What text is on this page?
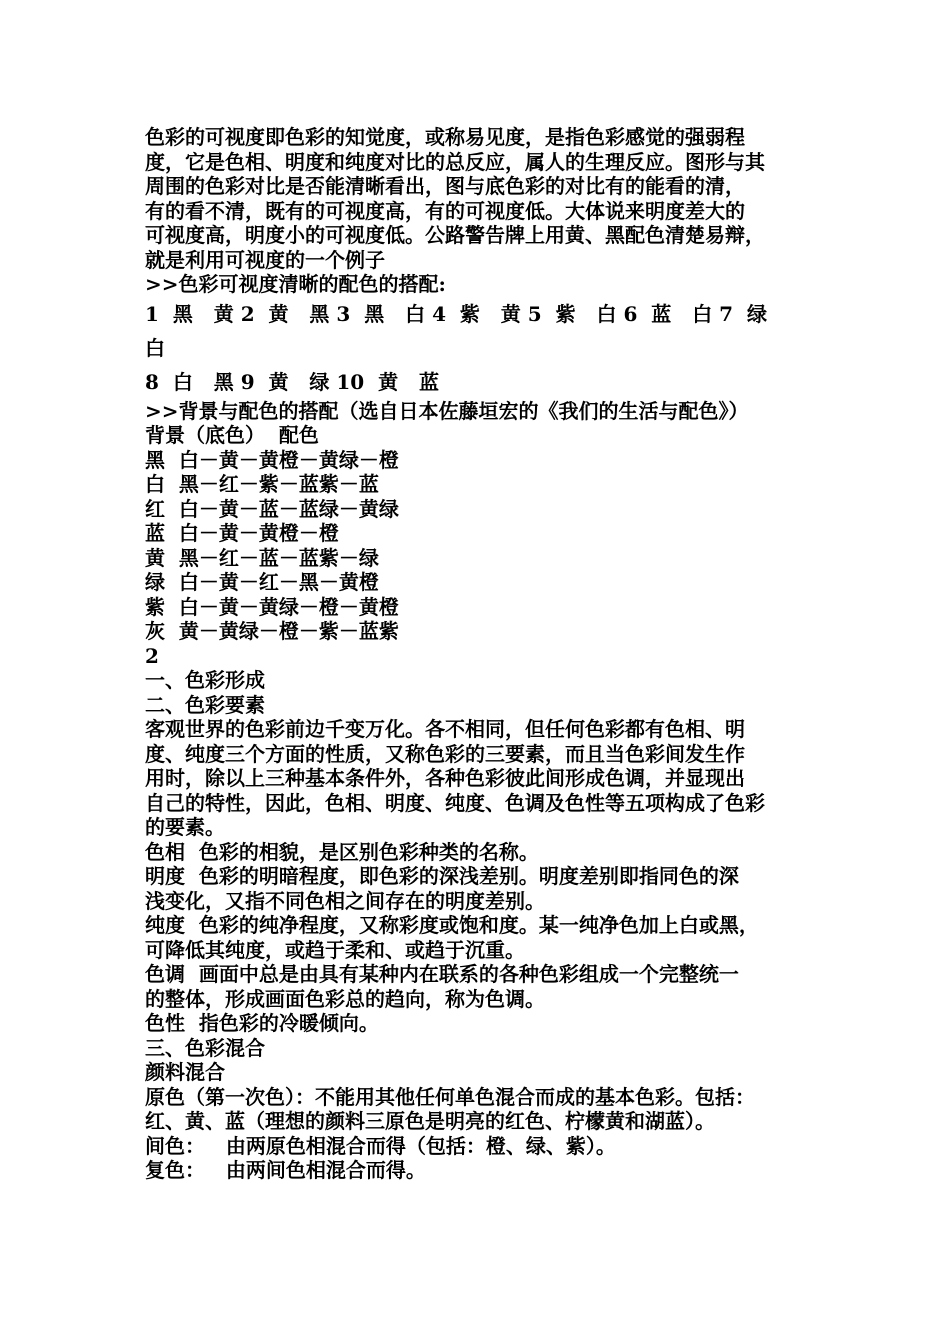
色彩的可视度即色彩的知觉度，或称易见度，是指色彩感觉的强弱程

度，它是色相、明度和纯度对比的总反应，属人的生理反应。图形与其

周围的色彩对比是否能清晰看出，图与底色彩的对比有的能看的清，

有的看不清，既有的可视度高，有的可视度低。大体说来明度差大的

可视度高，明度小的可视度低。公路警告牌上用黄、黑配色清楚易辩，

就是利用可视度的一个例子

>>色彩可视度清晰的配色的搭配:

1  黑   黄 2  黄   黑 3  黑   白 4  紫   黄 5  紫   白 6  蓝   白 7  绿

白

8  白   黑 9  黄   绿 10  黄   蓝

>>背景与配色的搭配（选自日本佐藤垣宏的《我们的生活与配色》）

背景（底色）  配色

黑  白－黄－黄橙－黄绿－橙

白  黑－红－紫－蓝紫－蓝

红  白－黄－蓝－蓝绿－黄绿

蓝  白－黄－黄橙－橙

黄  黑－红－蓝－蓝紫－绿

绿  白－黄－红－黑－黄橙

紫  白－黄－黄绿－橙－黄橙

灰  黄－黄绿－橙－紫－蓝紫

2

一、色彩形成

二、色彩要素

客观世界的色彩前边千变万化。各不相同，但任何色彩都有色相、明

度、纯度三个方面的性质，又称色彩的三要素，而且当色彩间发生作

用时，除以上三种基本条件外，各种色彩彼此间形成色调，并显现出

自己的特性，因此，色相、明度、纯度、色调及色性等五项构成了色彩

的要素。

色相  色彩的相貌，是区别色彩种类的名称。

明度  色彩的明暗程度，即色彩的深浅差别。明度差别即指同色的深

浅变化，又指不同色相之间存在的明度差别。

纯度  色彩的纯净程度，又称彩度或饱和度。某一纯净色加上白或黑，

可降低其纯度，或趋于柔和、或趋于沉重。

色调  画面中总是由具有某种内在联系的各种色彩组成一个完整统一

的整体，形成画面色彩总的趋向，称为色调。

色性  指色彩的冷暖倾向。

三、色彩混合

颜料混合

原色（第一次色）：不能用其他任何单色混合而成的基本色彩。包括：

红、黄、蓝（理想的颜料三原色是明亮的红色、柠檬黄和湖蓝）。

间色：   由两原色相混合而得（包括：橙、绿、紫）。

复色：   由两间色相混合而得。
